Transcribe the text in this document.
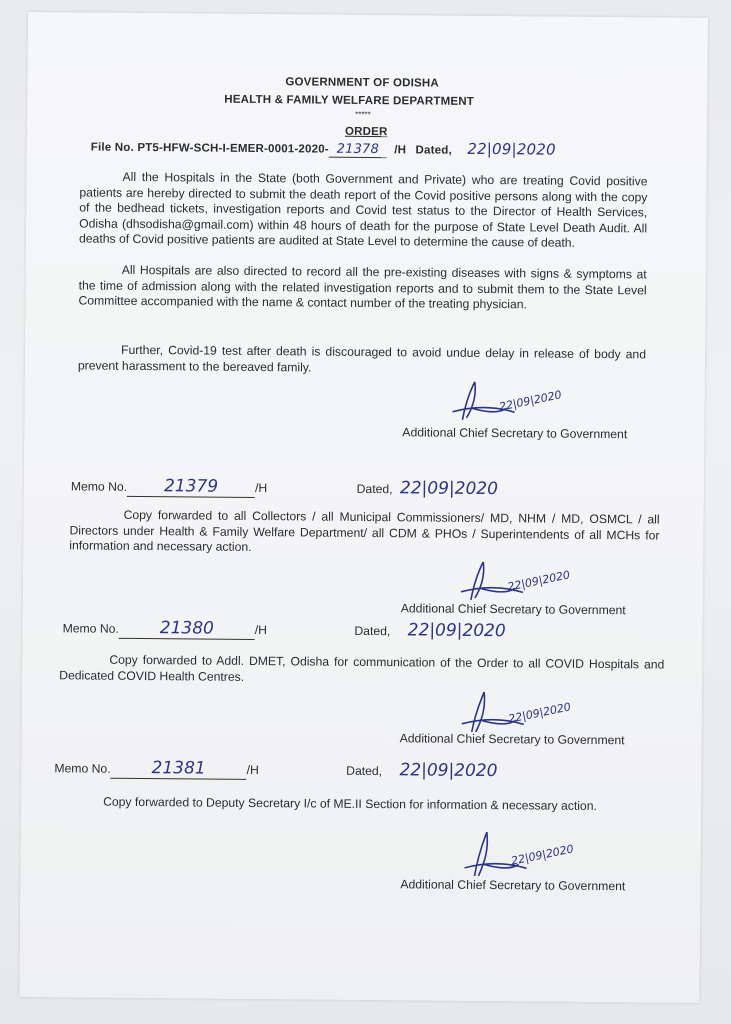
GOVERNMENT OF ODISHA
HEALTH & FAMILY WELFARE DEPARTMENT
*****
ORDER
File No. PT5-HFW-SCH-I-EMER-0001-2020- 21378 /H Dated, 22|09|2020
All the Hospitals in the State (both Government and Private) who are treating Covid positive patients are hereby directed to submit the death report of the Covid positive persons along with the copy of the bedhead tickets, investigation reports and Covid test status to the Director of Health Services, Odisha (dhsodisha@gmail.com) within 48 hours of death for the purpose of State Level Death Audit. All deaths of Covid positive patients are audited at State Level to determine the cause of death.
All Hospitals are also directed to record all the pre-existing diseases with signs & symptoms at the time of admission along with the related investigation reports and to submit them to the State Level Committee accompanied with the name & contact number of the treating physician.
Further, Covid-19 test after death is discouraged to avoid undue delay in release of body and prevent harassment to the bereaved family.
22|09|2020
Additional Chief Secretary to Government
Memo No. 21379	/H	Dated, 22|09|2020
Copy forwarded to all Collectors / all Municipal Commissioners/ MD, NHM / MD, OSMCL / all Directors under Health & Family Welfare Department/ all CDM & PHOs / Superintendents of all MCHs for information and necessary action.
22|09|2020
Additional Chief Secretary to Government
Memo No. 21380	/H	Dated, 22|09|2020
Copy forwarded to Addl. DMET, Odisha for communication of the Order to all COVID Hospitals and Dedicated COVID Health Centres.
22|09|2020
Additional Chief Secretary to Government
Memo No. 21381	/H	Dated, 22|09|2020
Copy forwarded to Deputy Secretary I/c of ME.II Section for information & necessary action.
22|09|2020
Additional Chief Secretary to Government
